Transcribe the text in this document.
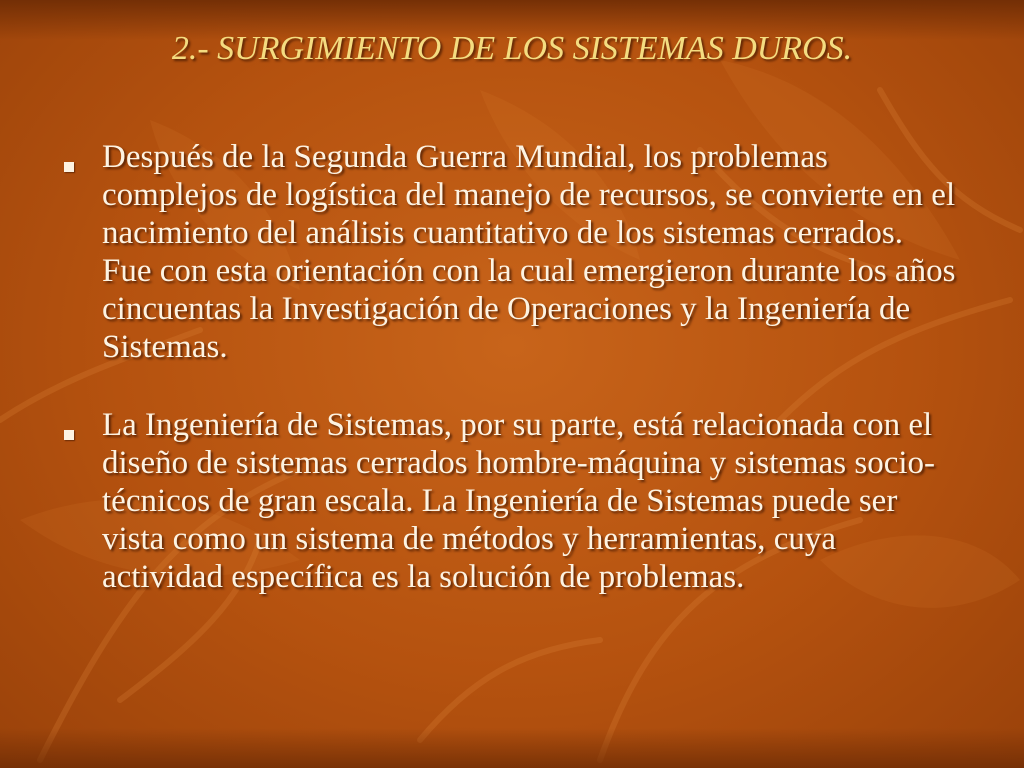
2.- SURGIMIENTO DE LOS SISTEMAS DUROS.

Después de la Segunda Guerra Mundial, los problemas complejos de logística del manejo de recursos, se convierte en el nacimiento del análisis cuantitativo de los sistemas cerrados. Fue con esta orientación con la cual emergieron durante los años cincuentas la Investigación de Operaciones y la Ingeniería de Sistemas.

La Ingeniería de Sistemas, por su parte, está relacionada con el diseño de sistemas cerrados hombre-máquina y sistemas socio-técnicos de gran escala. La Ingeniería de Sistemas puede ser vista como un sistema de métodos y herramientas, cuya actividad específica es la solución de problemas.
